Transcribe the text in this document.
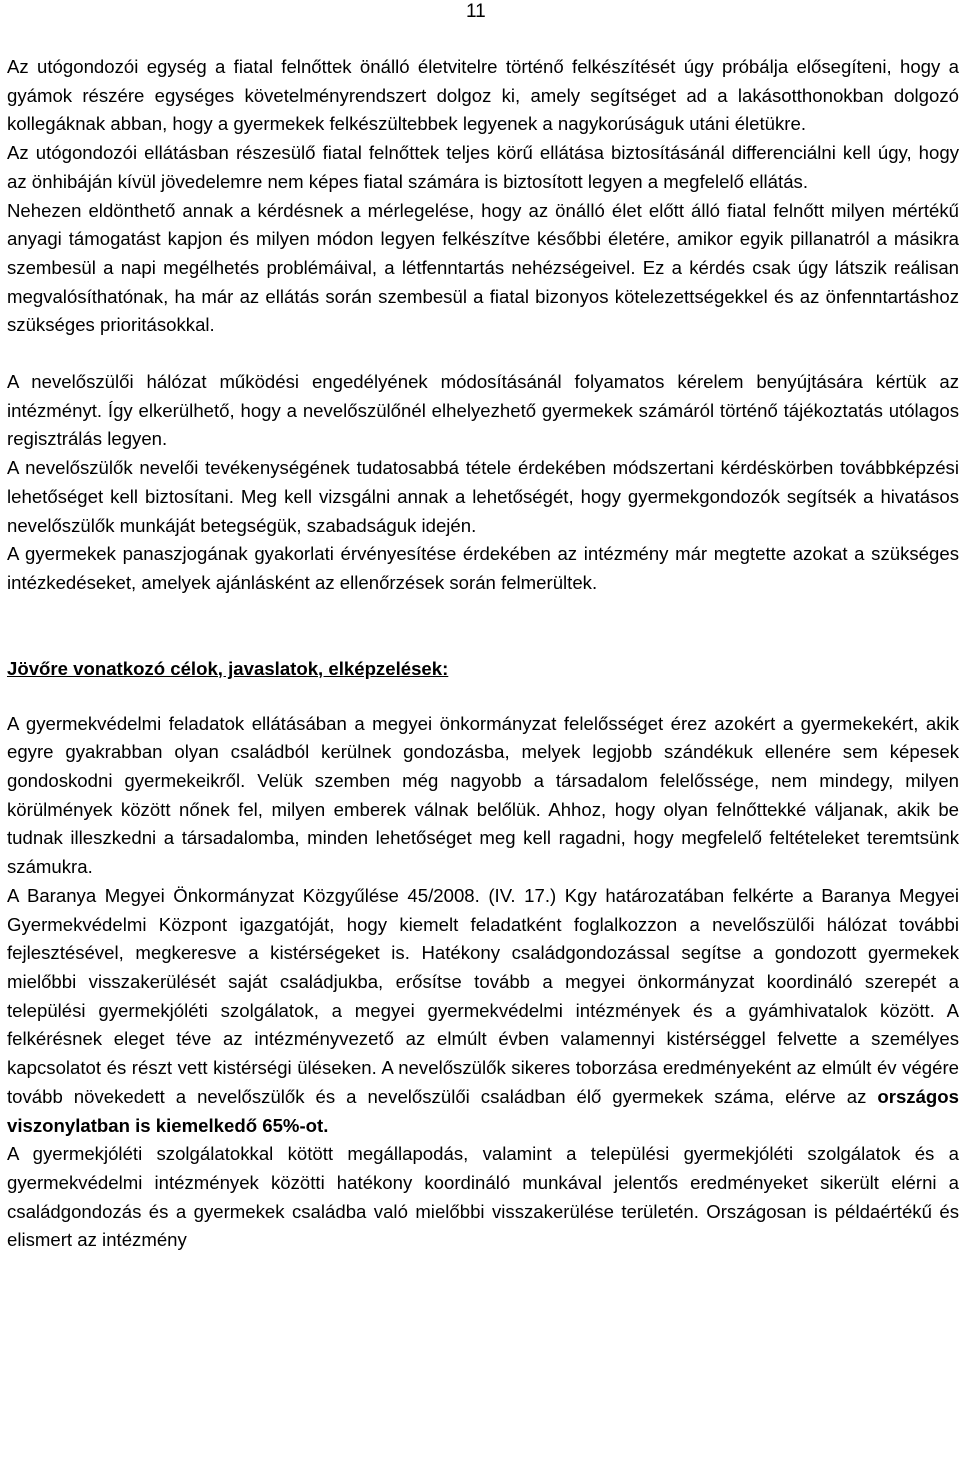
11

Az utógondozói egység a fiatal felnőttek önálló életvitelre történő felkészítését úgy próbálja elősegíteni, hogy a gyámok részére egységes követelményrendszert dolgoz ki, amely segítséget ad a lakásotthonokban dolgozó kollegáknak abban, hogy a gyermekek felkészültebbek legyenek a nagykorúságuk utáni életükre.

Az utógondozói ellátásban részesülő fiatal felnőttek teljes körű ellátása biztosításánál differenciálni kell úgy, hogy az önhibáján kívül jövedelemre nem képes fiatal számára is biztosított legyen a megfelelő ellátás.

Nehezen eldönthető annak a kérdésnek a mérlegelése, hogy az önálló élet előtt álló fiatal felnőtt milyen mértékű anyagi támogatást kapjon és milyen módon legyen felkészítve későbbi életére, amikor egyik pillanatról a másikra szembesül a napi megélhetés problémáival, a létfenntartás nehézségeivel. Ez a kérdés csak úgy látszik reálisan megvalósíthatónak, ha már az ellátás során szembesül a fiatal bizonyos kötelezettségekkel és az önfenntartáshoz szükséges prioritásokkal.

A nevelőszülői hálózat működési engedélyének módosításánál folyamatos kérelem benyújtására kértük az intézményt. Így elkerülhető, hogy a nevelőszülőnél elhelyezhető gyermekek számáról történő tájékoztatás utólagos regisztrálás legyen.

A nevelőszülők nevelői tevékenységének tudatosabbá tétele érdekében módszertani kérdéskörben továbbképzési lehetőséget kell biztosítani. Meg kell vizsgálni annak a lehetőségét, hogy gyermekgondozók segítsék a hivatásos nevelőszülők munkáját betegségük, szabadságuk idején.

A gyermekek panaszjogának gyakorlati érvényesítése érdekében az intézmény már megtette azokat a szükséges intézkedéseket, amelyek ajánlásként az ellenőrzések során felmerültek.

Jövőre vonatkozó célok, javaslatok, elképzelések:

A gyermekvédelmi feladatok ellátásában a megyei önkormányzat felelősséget érez azokért a gyermekekért, akik egyre gyakrabban olyan családból kerülnek gondozásba, melyek legjobb szándékuk ellenére sem képesek gondoskodni gyermekeikről. Velük szemben még nagyobb a társadalom felelőssége, nem mindegy, milyen körülmények között nőnek fel, milyen emberek válnak belőlük. Ahhoz, hogy olyan felnőttekké váljanak, akik be tudnak illeszkedni a társadalomba, minden lehetőséget meg kell ragadni, hogy megfelelő feltételeket teremtsünk számukra.

A Baranya Megyei Önkormányzat Közgyűlése 45/2008. (IV. 17.) Kgy határozatában felkérte a Baranya Megyei Gyermekvédelmi Központ igazgatóját, hogy kiemelt feladatként foglalkozzon a nevelőszülői hálózat további fejlesztésével, megkeresve a kistérségeket is. Hatékony családgondozással segítse a gondozott gyermekek mielőbbi visszakerülését saját családjukba, erősítse tovább a megyei önkormányzat koordináló szerepét a települési gyermekjóléti szolgálatok, a megyei gyermekvédelmi intézmények és a gyámhivatalok között. A felkérésnek eleget téve az intézményvezető az elmúlt évben valamennyi kistérséggel felvette a személyes kapcsolatot és részt vett kistérségi üléseken. A nevelőszülők sikeres toborzása eredményeként az elmúlt év végére tovább növekedett a nevelőszülők és a nevelőszülői családban élő gyermekek száma, elérve az országos viszonylatban is kiemelkedő 65%-ot.

A gyermekjóléti szolgálatokkal kötött megállapodás, valamint a települési gyermekjóléti szolgálatok és a gyermekvédelmi intézmények közötti hatékony koordináló munkával jelentős eredményeket sikerült elérni a családgondozás és a gyermekek családba való mielőbbi visszakerülése területén. Országosan is példaértékű és elismert az intézmény
